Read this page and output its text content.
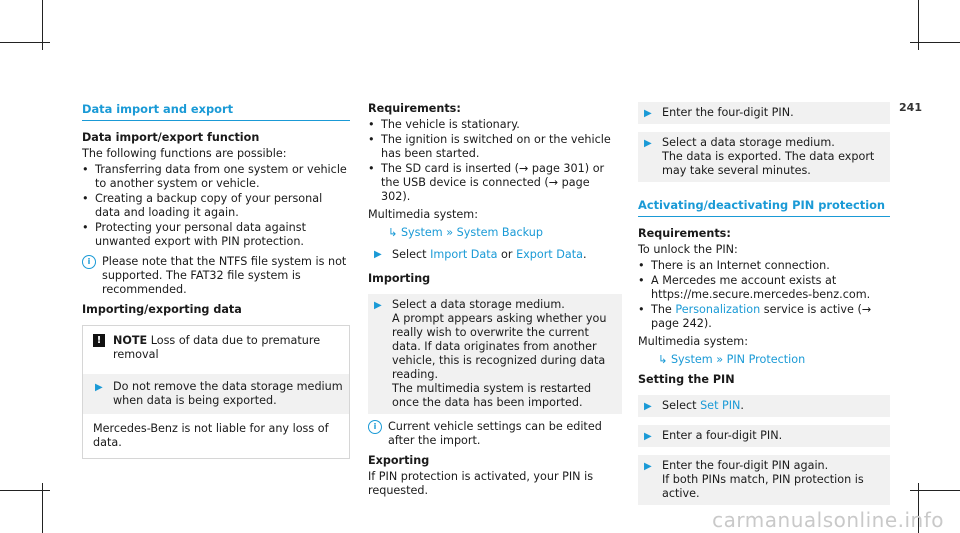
241
Data import and export
Data import/export function

The following functions are possible:

• Transferring data from one system or vehicle to another system or vehicle.
• Creating a backup copy of your personal data and loading it again.
• Protecting your personal data against unwanted export with PIN protection.
i	Please note that the NTFS file system is not supported. The FAT32 file system is recommended.
Importing/exporting data
!	NOTE Loss of data due to premature removal
▶ Do not remove the data storage medium when data is being exported.
Mercedes-Benz is not liable for any loss of data.
Requirements:
• The vehicle is stationary.
• The ignition is switched on or the vehicle has been started.
• The SD card is inserted (→ page 301) or the USB device is connected (→ page 302).

Multimedia system:

↳ System » System Backup
▶ Select Import Data or Export Data.
Importing
▶ Select a data storage medium.
A prompt appears asking whether you really wish to overwrite the current data. If data originates from another vehicle, this is recognized during data reading.
The multimedia system is restarted once the data has been imported.
i	Current vehicle settings can be edited after the import.
Exporting

If PIN protection is activated, your PIN is requested.

▶ Enter the four-digit PIN.
▶ Select a data storage medium.
The data is exported. The data export may take several minutes.
Activating/deactivating PIN protection
Requirements:

To unlock the PIN:

• There is an Internet connection.
• A Mercedes me account exists at https://me.secure.mercedes-benz.com.
• The Personalization service is active (→ page 242).

Multimedia system:

↳ System » PIN Protection
Setting the PIN
▶ Select Set PIN.
▶ Enter a four-digit PIN.
▶ Enter the four-digit PIN again.
If both PINs match, PIN protection is active.
carmanualsonline.info
